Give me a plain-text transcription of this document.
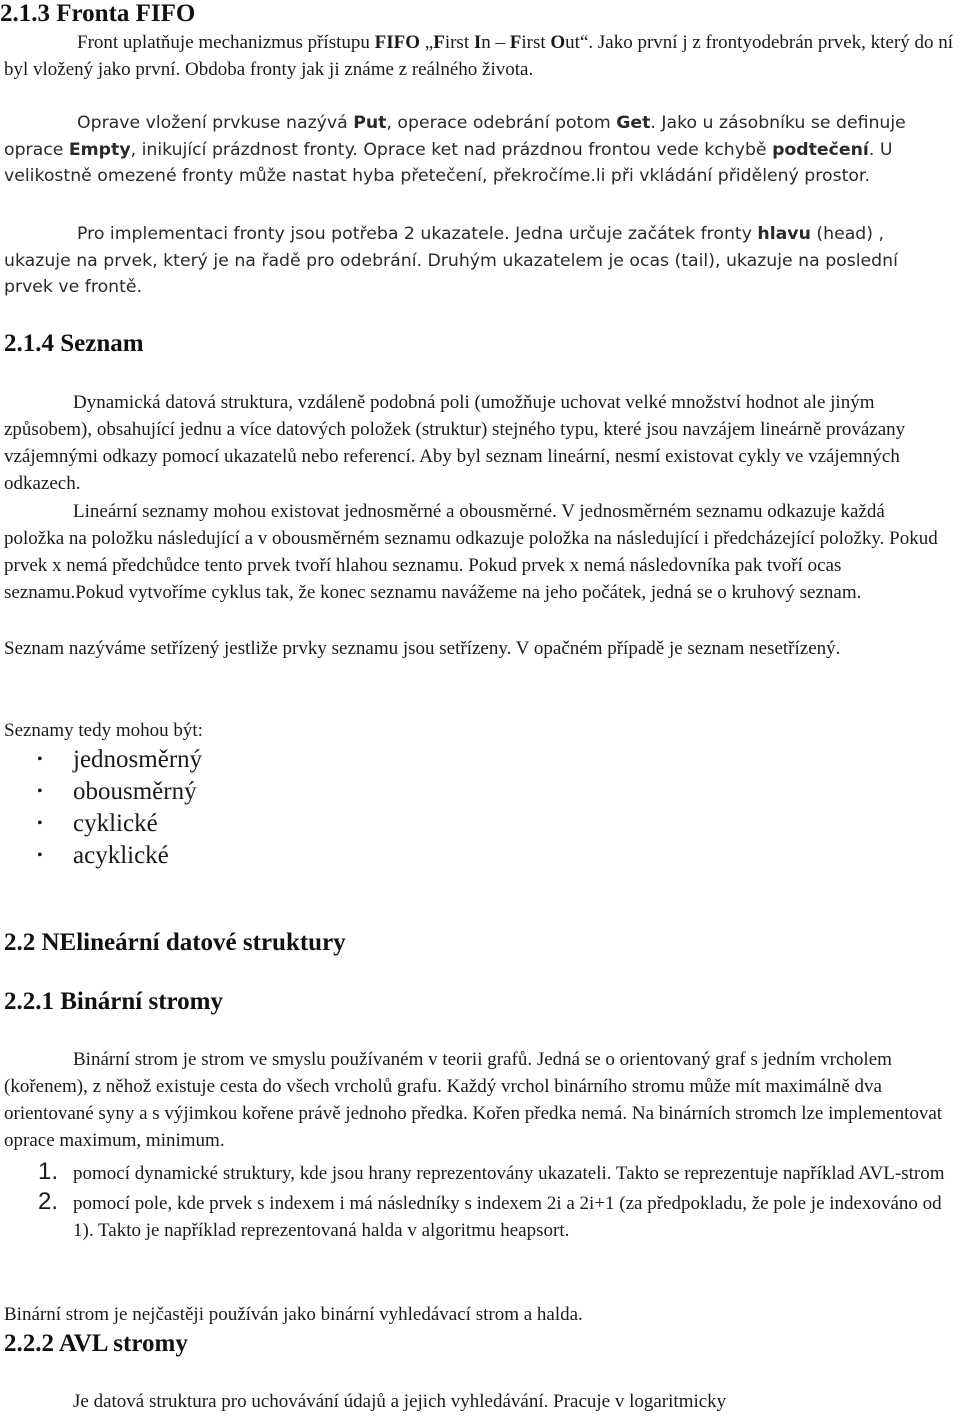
2.1.3 Fronta FIFO

Front uplatňuje mechanizmus přístupu FIFO „First In – First Out“. Jako první j z frontyodebrán prvek, který do ní byl vložený jako první. Obdoba fronty jak ji známe z reálného života.

Oprave vložení prvkuse nazývá Put, operace odebrání potom Get. Jako u zásobníku se definuje oprace Empty, inikující prázdnost fronty. Oprace ket nad prázdnou frontou vede kchybě podtečení. U velikostně omezené fronty může nastat hyba přetečení, překročíme.li při vkládání přidělený prostor.

Pro implementaci fronty jsou potřeba 2 ukazatele. Jedna určuje začátek fronty hlavu (head) , ukazuje na prvek, který je na řadě pro odebrání. Druhým ukazatelem je ocas (tail), ukazuje na poslední prvek ve frontě.

2.1.4 Seznam

Dynamická datová struktura, vzdáleně podobná poli (umožňuje uchovat velké množství hodnot ale jiným způsobem), obsahující jednu a více datových položek (struktur) stejného typu, které jsou navzájem lineárně provázany vzájemnými odkazy pomocí ukazatelů nebo referencí. Aby byl seznam lineární, nesmí existovat cykly ve vzájemných odkazech.

Lineární seznamy mohou existovat jednosměrné a obousměrné. V jednosměrném seznamu odkazuje každá položka na položku následující a v obousměrném seznamu odkazuje položka na následující i předcházející položky. Pokud prvek x nemá předchůdce tento prvek tvoří hlahou seznamu. Pokud prvek x nemá následovníka pak tvoří ocas seznamu.Pokud vytvoříme cyklus tak, že konec seznamu navážeme na jeho počátek, jedná se o kruhový seznam.

Seznam nazýváme setřízený jestliže prvky seznamu jsou setřízeny. V opačném případě je seznam nesetřízený.

Seznamy tedy mohou být:

• jednosměrný
• obousměrný
• cyklické
• acyklické
2.2 NElineární datové struktury
2.2.1 Binární stromy

Binární strom je strom ve smyslu používaném v teorii grafů. Jedná se o orientovaný graf s jedním vrcholem (kořenem), z něhož existuje cesta do všech vrcholů grafu. Každý vrchol binárního stromu může mít maximálně dva orientované syny a s výjimkou kořene právě jednoho předka. Kořen předka nemá. Na binárních stromch lze implementovat oprace maximum, minimum.

1. pomocí dynamické struktury, kde jsou hrany reprezentovány ukazateli. Takto se reprezentuje například AVL-strom
2. pomocí pole, kde prvek s indexem i má následníky s indexem 2i a 2i+1 (za předpokladu, že pole je indexováno od 1). Takto je například reprezentovaná halda v algoritmu heapsort.

Binární strom je nejčastěji používán jako binární vyhledávací strom a halda.

2.2.2 AVL stromy

Je datová struktura pro uchovávání údajů a jejich vyhledávání. Pracuje v logaritmicky
